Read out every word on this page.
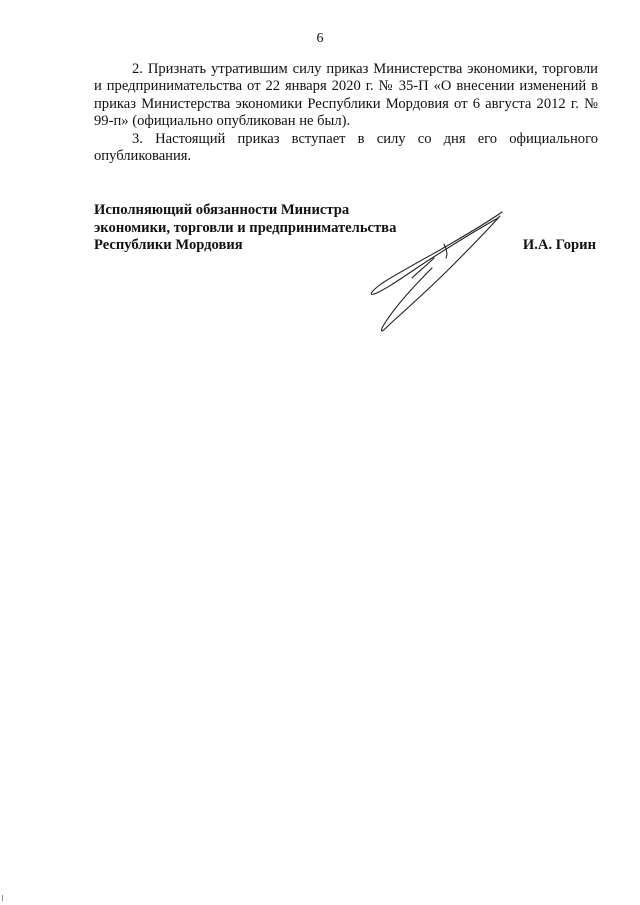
6

2. Признать утратившим силу приказ Министерства экономики, торговли и предпринимательства от 22 января 2020 г. № 35-П «О внесении изменений в приказ Министерства экономики Республики Мордовия от 6 августа 2012 г. № 99-п» (официально опубликован не был).

3. Настоящий приказ вступает в силу со дня его официального опубликования.

Исполняющий обязанности Министра
экономики, торговли и предпринимательства
Республики Мордовия	И.А. Горин
